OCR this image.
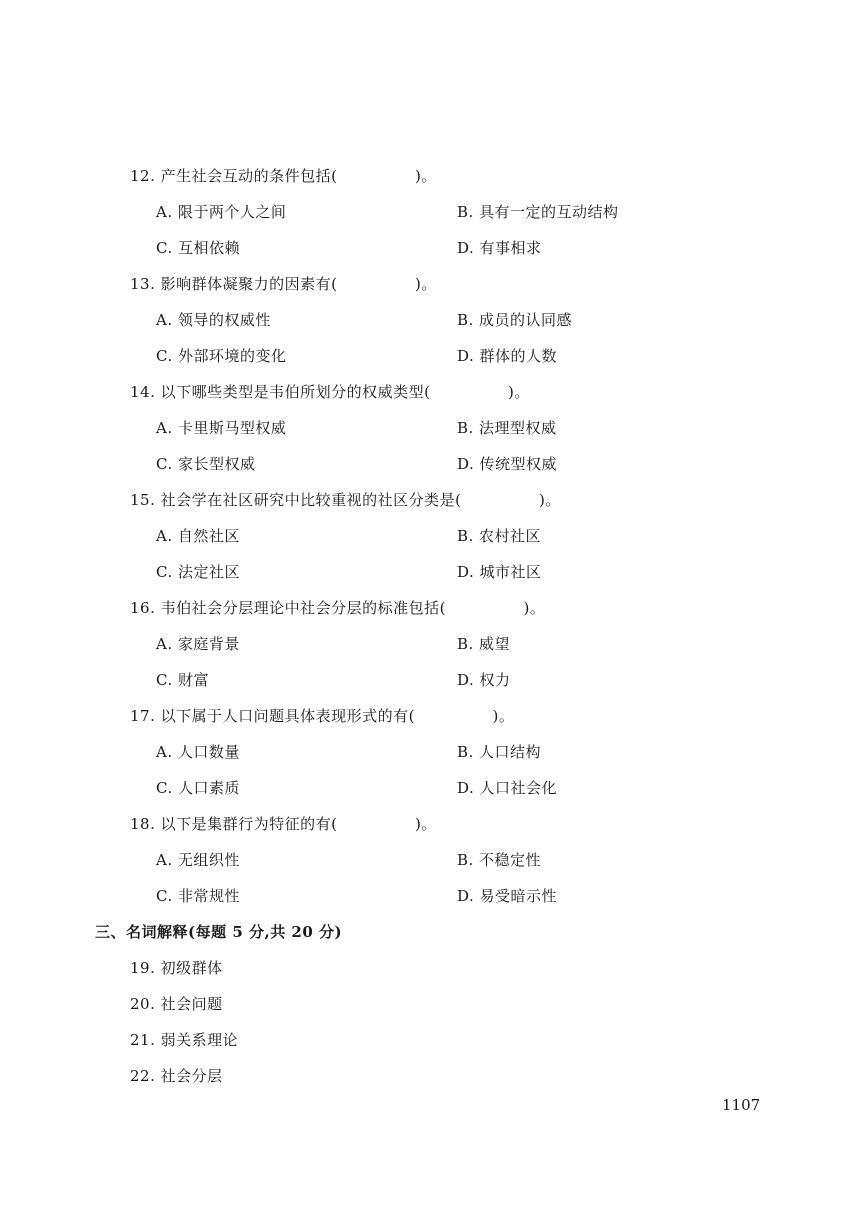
12. 产生社会互动的条件包括(　　　　　)。
A. 限于两个人之间	B. 具有一定的互动结构
C. 互相依赖	D. 有事相求
13. 影响群体凝聚力的因素有(　　　　　)。
A. 领导的权威性	B. 成员的认同感
C. 外部环境的变化	D. 群体的人数
14. 以下哪些类型是韦伯所划分的权威类型(　　　　　)。
A. 卡里斯马型权威	B. 法理型权威
C. 家长型权威	D. 传统型权威
15. 社会学在社区研究中比较重视的社区分类是(　　　　　)。
A. 自然社区	B. 农村社区
C. 法定社区	D. 城市社区
16. 韦伯社会分层理论中社会分层的标准包括(　　　　　)。
A. 家庭背景	B. 威望
C. 财富	D. 权力
17. 以下属于人口问题具体表现形式的有(　　　　　)。
A. 人口数量	B. 人口结构
C. 人口素质	D. 人口社会化
18. 以下是集群行为特征的有(　　　　　)。
A. 无组织性	B. 不稳定性
C. 非常规性	D. 易受暗示性
三、名词解释(每题 5 分,共 20 分)
19. 初级群体
20. 社会问题
21. 弱关系理论
22. 社会分层
1107
